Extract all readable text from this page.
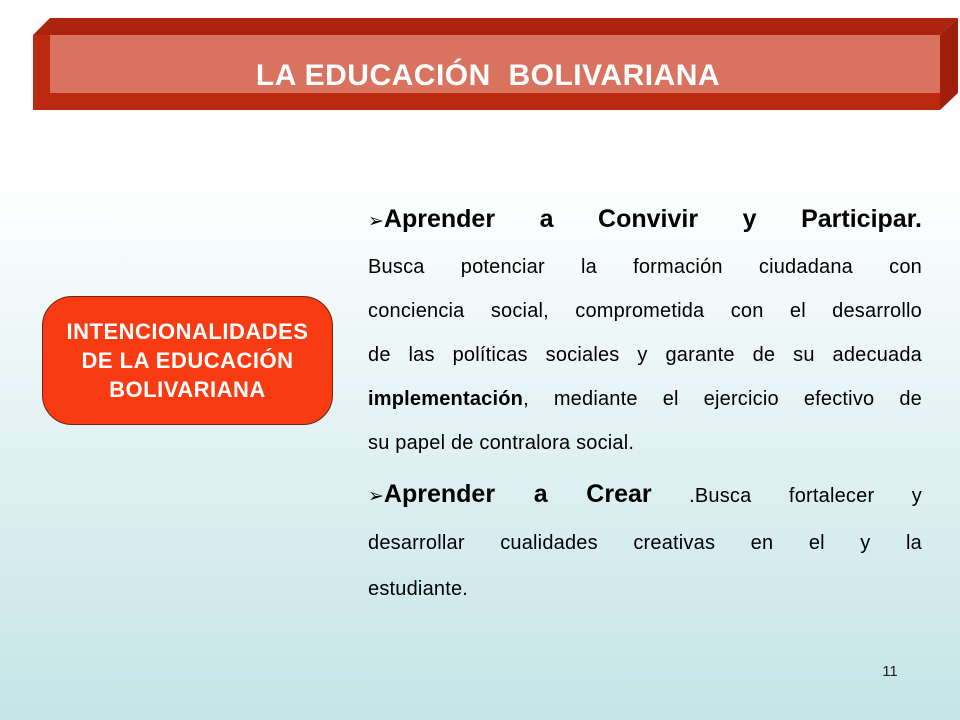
LA EDUCACIÓN  BOLIVARIANA
INTENCIONALIDADES
DE LA EDUCACIÓN
BOLIVARIANA
➢Aprender a Convivir y Participar.
Busca potenciar la formación ciudadana con
conciencia social, comprometida con el desarrollo
de las políticas sociales y garante de su adecuada
implementación, mediante el ejercicio efectivo de
su papel de contralora social.
➢Aprender a Crear .Busca fortalecer y
desarrollar cualidades creativas en el y la
estudiante.
11
